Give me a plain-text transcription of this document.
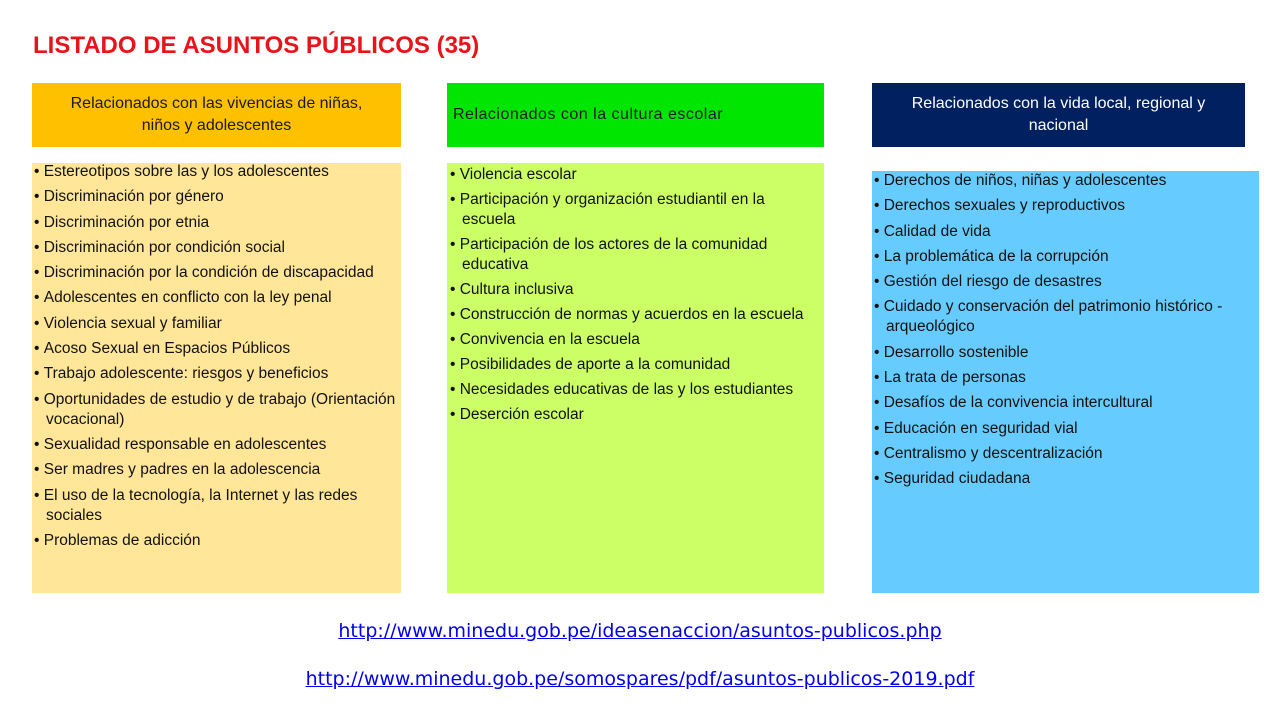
LISTADO DE ASUNTOS PÚBLICOS (35)
Relacionados con las vivencias de niñas, niños y adolescentes
Relacionados con la cultura escolar
Relacionados con la vida local, regional y nacional
• Estereotipos sobre las y los adolescentes
• Discriminación por género
• Discriminación por etnia
• Discriminación por condición social
• Discriminación por la condición de discapacidad
• Adolescentes en conflicto con la ley penal
• Violencia sexual y familiar
• Acoso Sexual en Espacios Públicos
• Trabajo adolescente: riesgos y beneficios
• Oportunidades de estudio y de trabajo (Orientación vocacional)
• Sexualidad responsable en adolescentes
• Ser madres y padres en la adolescencia
• El uso de la tecnología, la Internet y las redes sociales
• Problemas de adicción
• Violencia escolar
• Participación y organización estudiantil en la escuela
• Participación de los actores de la comunidad educativa
• Cultura inclusiva
• Construcción de normas y acuerdos en la escuela
• Convivencia en la escuela
• Posibilidades de aporte a la comunidad
• Necesidades educativas de las y los estudiantes
• Deserción escolar
• Derechos de niños, niñas y adolescentes
• Derechos sexuales y reproductivos
• Calidad de vida
• La problemática de la corrupción
• Gestión del riesgo de desastres
• Cuidado y conservación del patrimonio histórico - arqueológico
• Desarrollo sostenible
• La trata de personas
• Desafíos de la convivencia intercultural
• Educación en seguridad vial
• Centralismo y descentralización
• Seguridad ciudadana
http://www.minedu.gob.pe/ideasenaccion/asuntos-publicos.php
http://www.minedu.gob.pe/somospares/pdf/asuntos-publicos-2019.pdf
